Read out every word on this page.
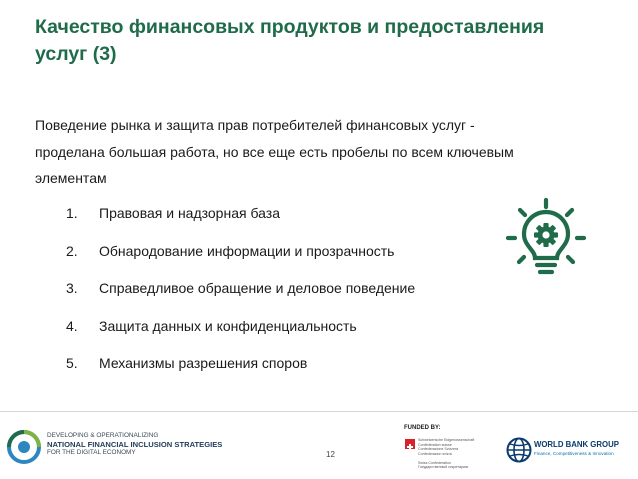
Качество финансовых продуктов и предоставления
услуг (3)
Поведение рынка и защита прав потребителей финансовых услуг -
проделана большая работа, но все еще есть пробелы по всем ключевым
элементам
1. Правовая и надзорная база
2. Обнародование информации и прозрачность
3. Справедливое обращение и деловое поведение
4. Защита данных и конфиденциальность
5. Механизмы разрешения споров
DEVELOPING & OPERATIONALIZING
NATIONAL FINANCIAL INCLUSION STRATEGIES
FOR THE DIGITAL ECONOMY	12
FUNDED BY:
Schweizerische Eidgenossenschaft
Confédération suisse
Confederazione Svizzera
Confederaziun svizra

Swiss Confederation
Государственный секретариат
WORLD BANK GROUP
Finance, Competitiveness & Innovation
